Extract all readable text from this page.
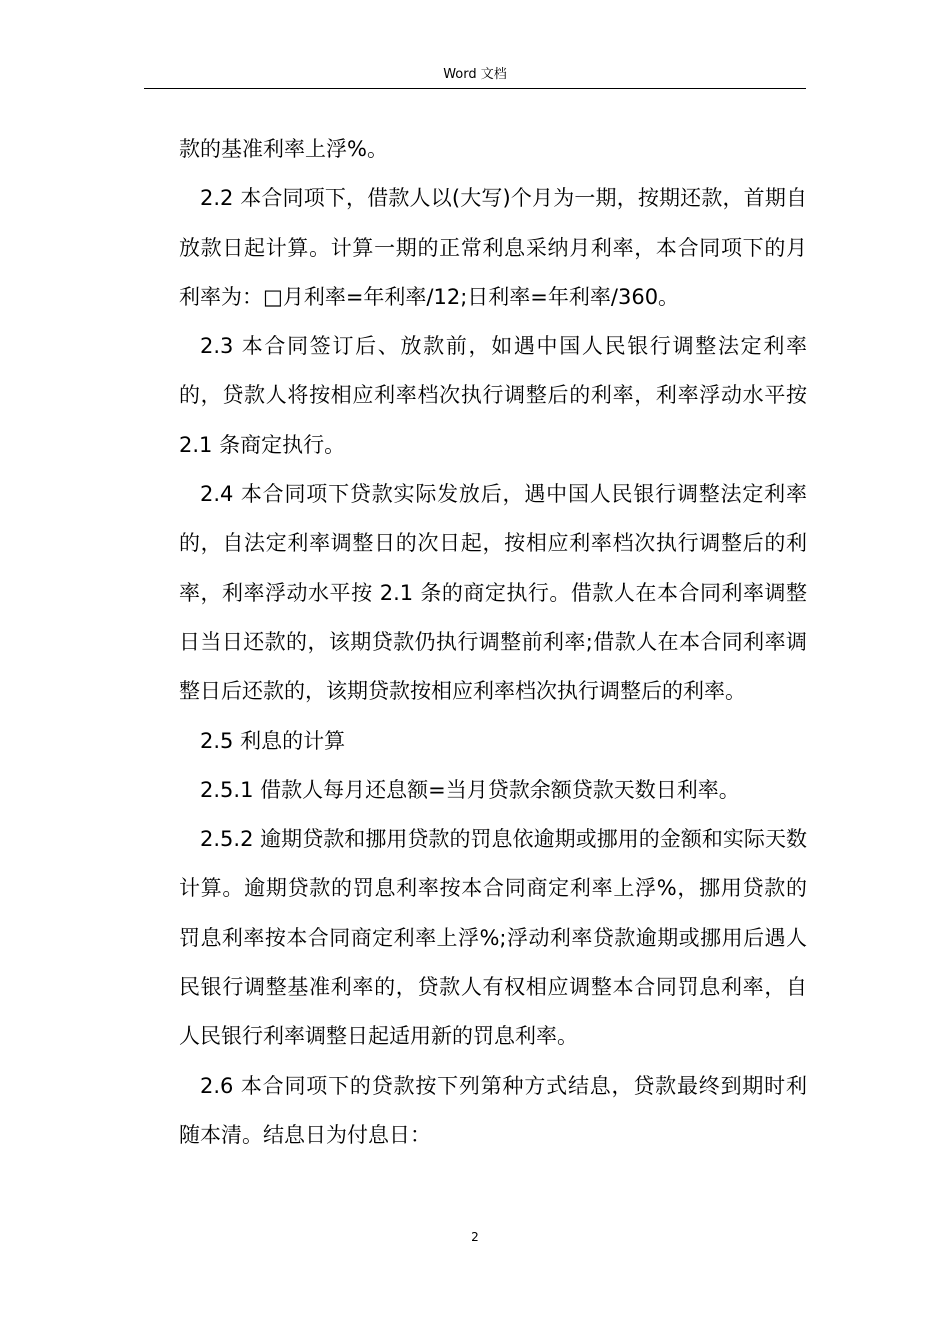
Word 文档

款的基准利率上浮%。

2.2 本合同项下，借款人以(大写)个月为一期，按期还款，首期自放款日起计算。计算一期的正常利息采纳月利率，本合同项下的月利率为：□月利率=年利率/12;日利率=年利率/360。

2.3 本合同签订后、放款前，如遇中国人民银行调整法定利率的，贷款人将按相应利率档次执行调整后的利率，利率浮动水平按 2.1 条商定执行。

2.4 本合同项下贷款实际发放后，遇中国人民银行调整法定利率的，自法定利率调整日的次日起，按相应利率档次执行调整后的利率，利率浮动水平按 2.1 条的商定执行。借款人在本合同利率调整日当日还款的，该期贷款仍执行调整前利率;借款人在本合同利率调整日后还款的，该期贷款按相应利率档次执行调整后的利率。

2.5 利息的计算

2.5.1 借款人每月还息额=当月贷款余额贷款天数日利率。

2.5.2 逾期贷款和挪用贷款的罚息依逾期或挪用的金额和实际天数计算。逾期贷款的罚息利率按本合同商定利率上浮%，挪用贷款的罚息利率按本合同商定利率上浮%;浮动利率贷款逾期或挪用后遇人民银行调整基准利率的，贷款人有权相应调整本合同罚息利率，自人民银行利率调整日起适用新的罚息利率。

2.6 本合同项下的贷款按下列第种方式结息，贷款最终到期时利随本清。结息日为付息日：

2
